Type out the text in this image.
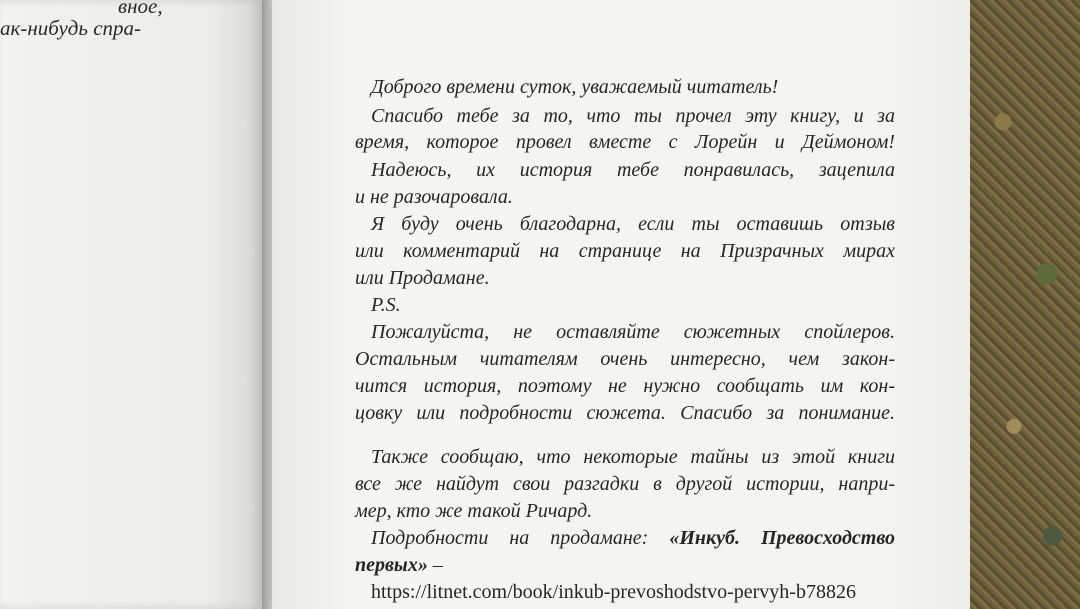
вное,
ак-нибудь спра-
Доброго времени суток, уважаемый читатель!
Спасибо тебе за то, что ты прочел эту книгу, и за
время, которое провел вместе с Лорейн и Деймоном!
Надеюсь, их история тебе понравилась, зацепила
и не разочаровала.
Я буду очень благодарна, если ты оставишь отзыв
или комментарий на странице на Призрачных мирах
или Продамане.
P.S.
Пожалуйста, не оставляйте сюжетных спойлеров.
Остальным читателям очень интересно, чем закон-
чится история, поэтому не нужно сообщать им кон-
цовку или подробности сюжета. Спасибо за понимание.
Также сообщаю, что некоторые тайны из этой книги
все же найдут свои разгадки в другой истории, напри-
мер, кто же такой Ричард.
Подробности на продамане: «Инкуб. Превосходство
первых» –
https://litnet.com/book/inkub-prevoshodstvo-pervyh-b78826
